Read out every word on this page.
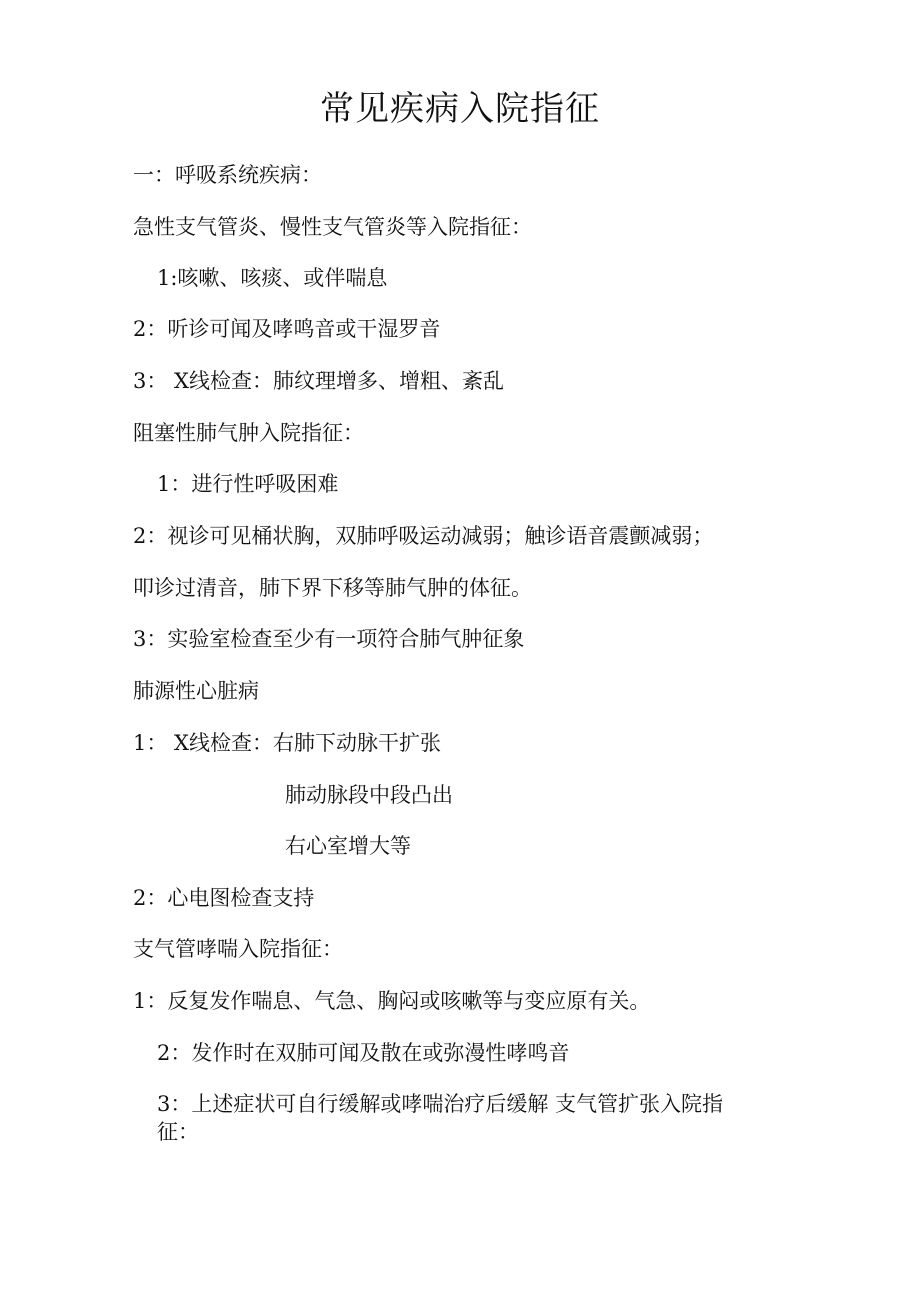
常见疾病入院指征

一：呼吸系统疾病：

急性支气管炎、慢性支气管炎等入院指征：

1:咳嗽、咳痰、或伴喘息

2：听诊可闻及哮鸣音或干湿罗音

3： X线检查：肺纹理增多、增粗、紊乱

阻塞性肺气肿入院指征：

1：进行性呼吸困难

2：视诊可见桶状胸，双肺呼吸运动减弱；触诊语音震颤减弱；

叩诊过清音，肺下界下移等肺气肿的体征。

3：实验室检查至少有一项符合肺气肿征象

肺源性心脏病

1： X线检查：右肺下动脉干扩张

肺动脉段中段凸出

右心室增大等

2：心电图检查支持

支气管哮喘入院指征：

1：反复发作喘息、气急、胸闷或咳嗽等与变应原有关。

2：发作时在双肺可闻及散在或弥漫性哮鸣音

3：上述症状可自行缓解或哮喘治疗后缓解 支气管扩张入院指

征：
